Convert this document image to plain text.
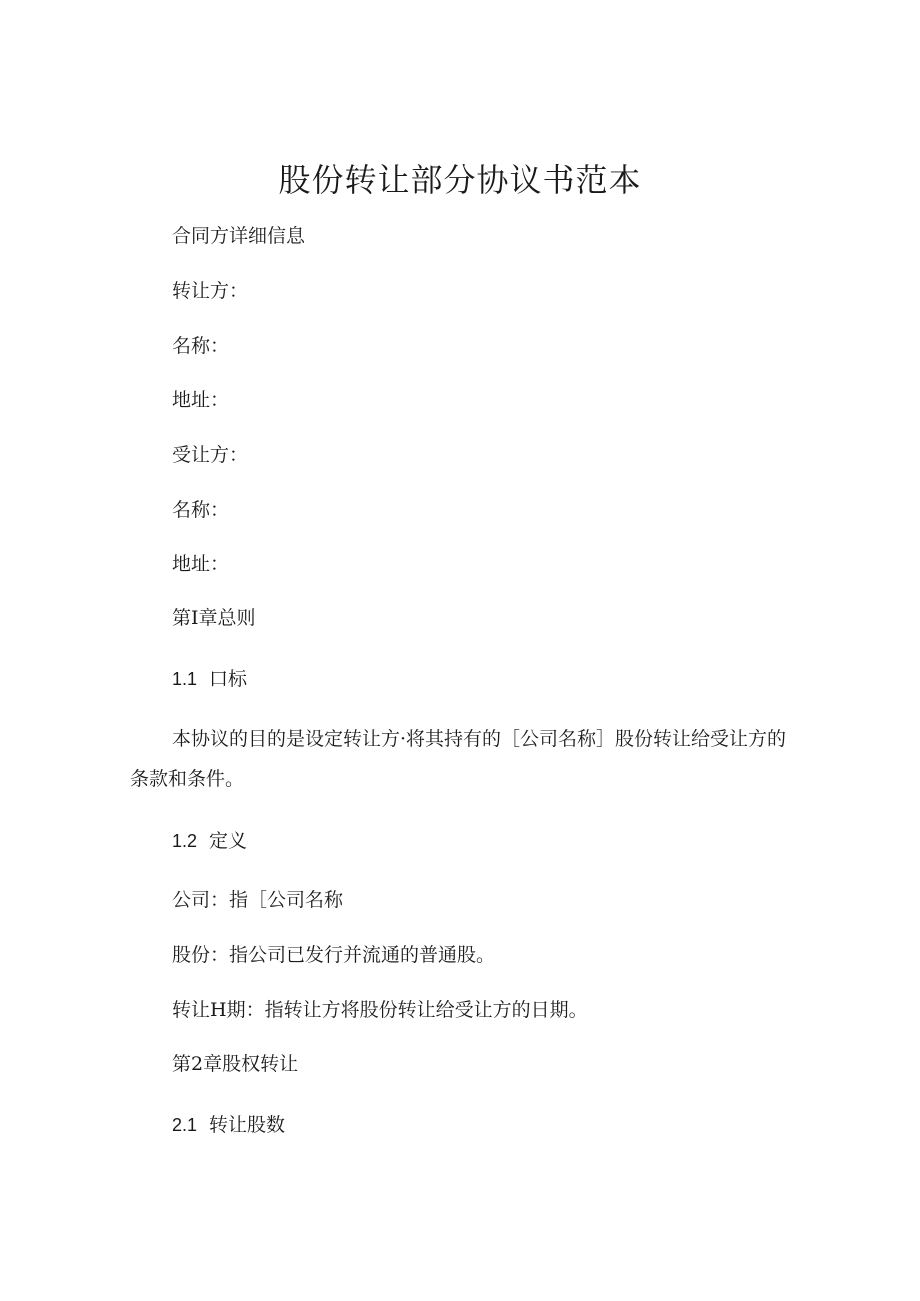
股份转让部分协议书范本
合同方详细信息
转让方：
名称：
地址：
受让方：
名称：
地址：
第I章总则
1.1 口标
本协议的目的是设定转让方·将其持有的［公司名称］股份转让给受让方的条款和条件。
1.2 定义
公司：指［公司名称
股份：指公司已发行并流通的普通股。
转让H期：指转让方将股份转让给受让方的日期。
第2章股权转让
2.1 转让股数
